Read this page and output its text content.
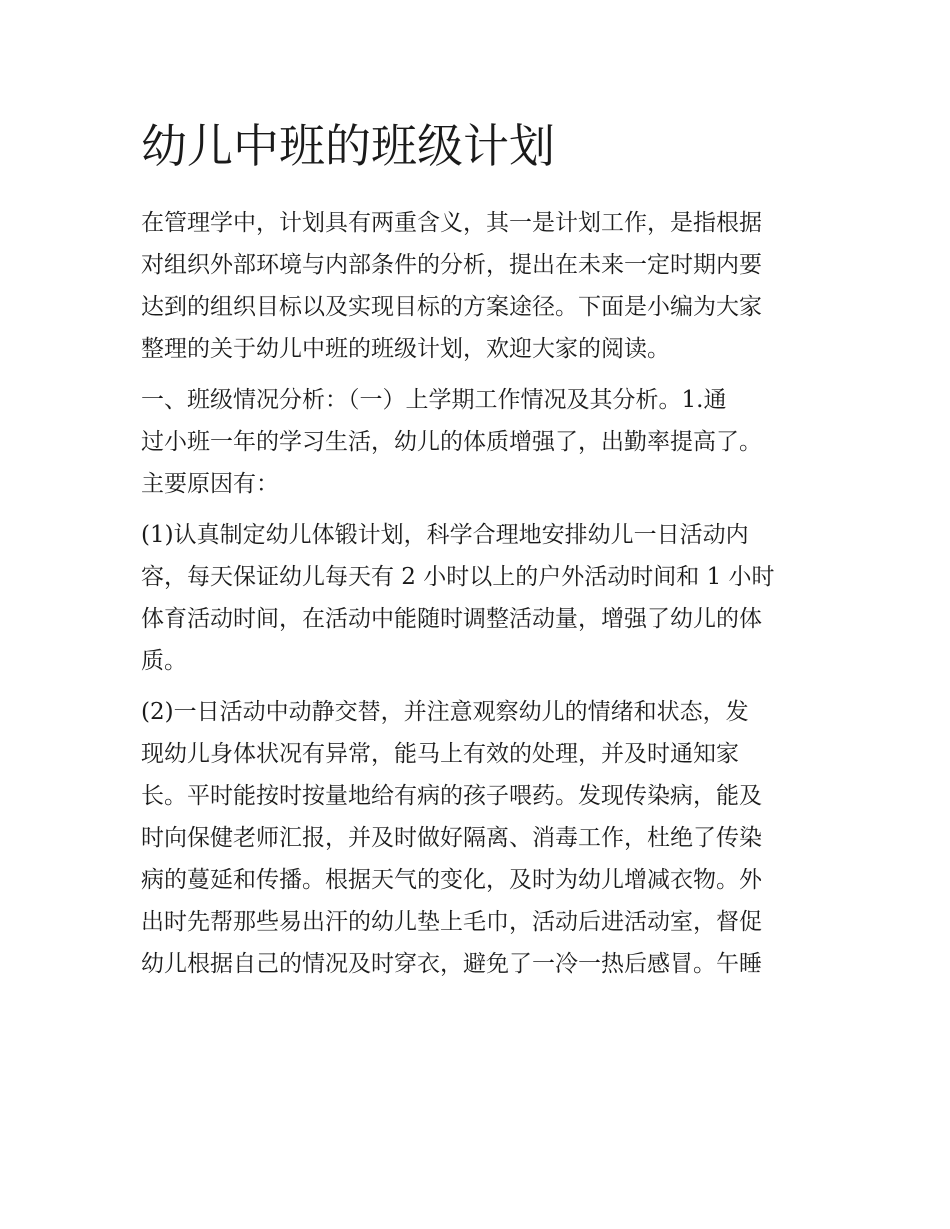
幼儿中班的班级计划
在管理学中，计划具有两重含义，其一是计划工作，是指根据
对组织外部环境与内部条件的分析，提出在未来一定时期内要
达到的组织目标以及实现目标的方案途径。下面是小编为大家
整理的关于幼儿中班的班级计划，欢迎大家的阅读。
一、班级情况分析：（一）上学期工作情况及其分析。1.通
过小班一年的学习生活，幼儿的体质增强了，出勤率提高了。
主要原因有：
(1)认真制定幼儿体锻计划，科学合理地安排幼儿一日活动内
容，每天保证幼儿每天有 2 小时以上的户外活动时间和 1 小时
体育活动时间，在活动中能随时调整活动量，增强了幼儿的体
质。
(2)一日活动中动静交替，并注意观察幼儿的情绪和状态，发
现幼儿身体状况有异常，能马上有效的处理，并及时通知家
长。平时能按时按量地给有病的孩子喂药。发现传染病，能及
时向保健老师汇报，并及时做好隔离、消毒工作，杜绝了传染
病的蔓延和传播。根据天气的变化，及时为幼儿增减衣物。外
出时先帮那些易出汗的幼儿垫上毛巾，活动后进活动室，督促
幼儿根据自己的情况及时穿衣，避免了一冷一热后感冒。午睡
